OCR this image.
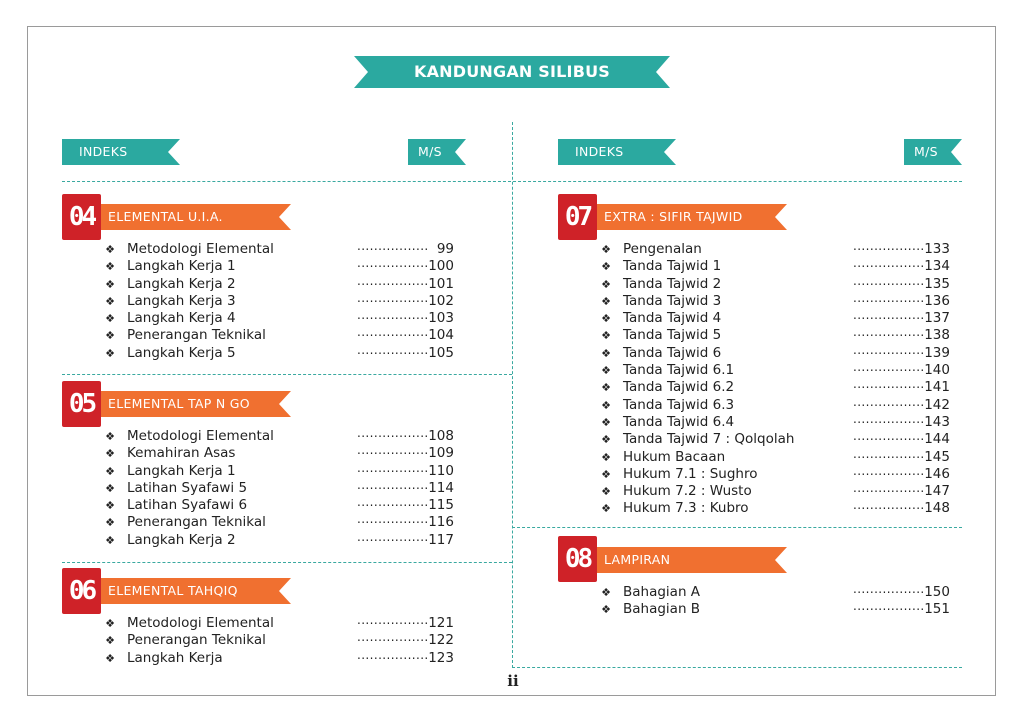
KANDUNGAN SILIBUS
INDEKS	M/S	INDEKS	M/S
04	ELEMENTAL U.I.A.
❖ Metodologi Elemental	................. 99
❖ Langkah Kerja 1	................. 100
❖ Langkah Kerja 2	................. 101
❖ Langkah Kerja 3	................. 102
❖ Langkah Kerja 4	................. 103
❖ Penerangan Teknikal	................. 104
❖ Langkah Kerja 5	................. 105
05	ELEMENTAL TAP N GO
❖ Metodologi Elemental	................. 108
❖ Kemahiran Asas	................. 109
❖ Langkah Kerja 1	................. 110
❖ Latihan Syafawi 5	................. 114
❖ Latihan Syafawi 6	................. 115
❖ Penerangan Teknikal	................. 116
❖ Langkah Kerja 2	................. 117
06	ELEMENTAL TAHQIQ
❖ Metodologi Elemental	................. 121
❖ Penerangan Teknikal	................. 122
❖ Langkah Kerja	................. 123
07	EXTRA : SIFIR TAJWID
❖ Pengenalan	................. 133
❖ Tanda Tajwid 1	................. 134
❖ Tanda Tajwid 2	................. 135
❖ Tanda Tajwid 3	................. 136
❖ Tanda Tajwid 4	................. 137
❖ Tanda Tajwid 5	................. 138
❖ Tanda Tajwid 6	................. 139
❖ Tanda Tajwid 6.1	................. 140
❖ Tanda Tajwid 6.2	................. 141
❖ Tanda Tajwid 6.3	................. 142
❖ Tanda Tajwid 6.4	................. 143
❖ Tanda Tajwid 7 : Qolqolah	................. 144
❖ Hukum Bacaan	................. 145
❖ Hukum 7.1 : Sughro	................. 146
❖ Hukum 7.2 : Wusto	................. 147
❖ Hukum 7.3 : Kubro	................. 148
08	LAMPIRAN
❖ Bahagian A	................. 150
❖ Bahagian B	................. 151
ii
